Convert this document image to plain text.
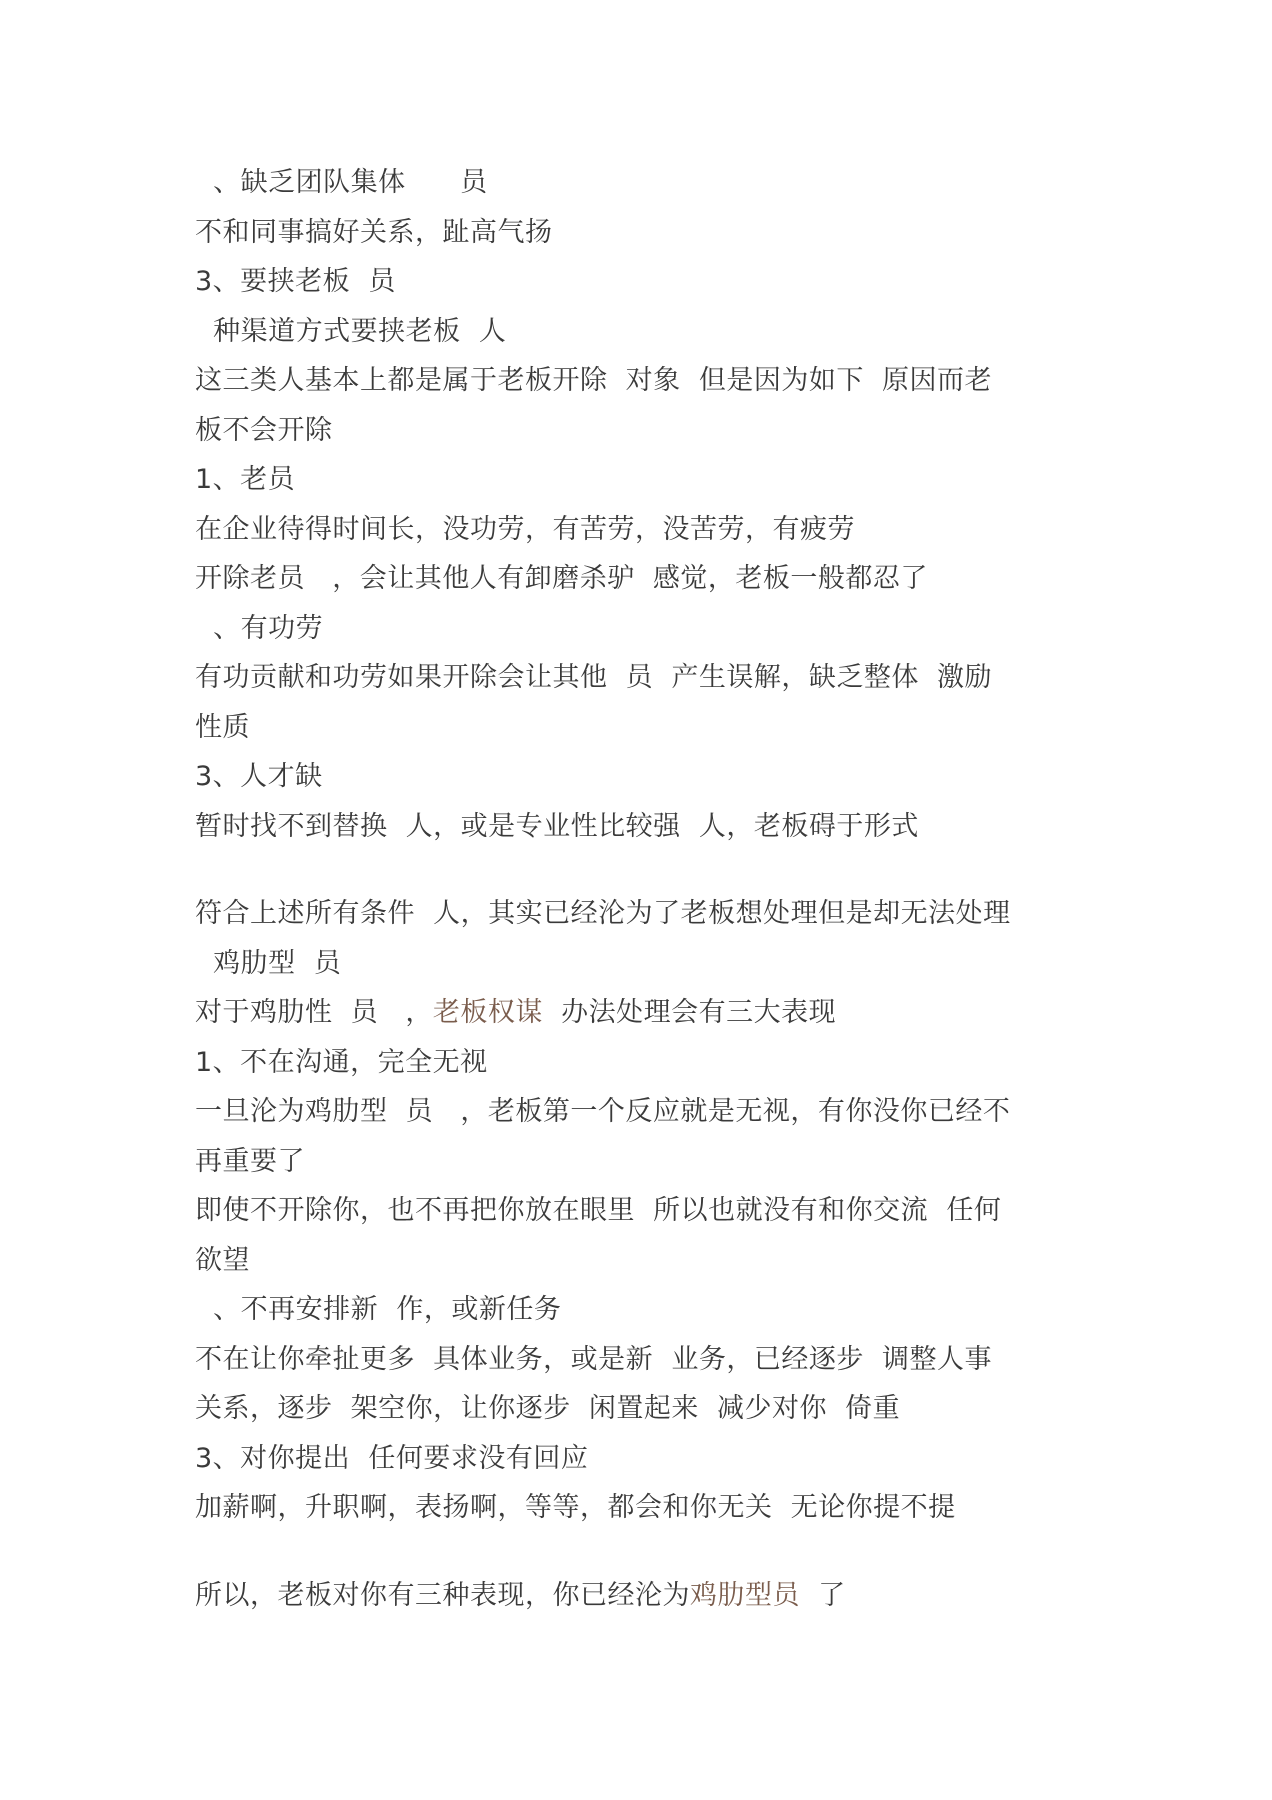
、缺乏团队集体      员
不和同事搞好关系，趾高气扬
3、要挟老板  员
种渠道方式要挟老板  人
这三类人基本上都是属于老板开除  对象  但是因为如下  原因而老
板不会开除
1、老员
在企业待得时间长，没功劳，有苦劳，没苦劳，有疲劳
开除老员   ，会让其他人有卸磨杀驴  感觉，老板一般都忍了
、有功劳
有功贡献和功劳如果开除会让其他  员  产生误解，缺乏整体  激励
性质
3、人才缺
暂时找不到替换  人，或是专业性比较强  人，老板碍于形式
符合上述所有条件  人，其实已经沦为了老板想处理但是却无法处理
鸡肋型  员
对于鸡肋性  员   ，老板权谋  办法处理会有三大表现
1、不在沟通，完全无视
一旦沦为鸡肋型  员   ，老板第一个反应就是无视，有你没你已经不
再重要了
即使不开除你，也不再把你放在眼里  所以也就没有和你交流  任何
欲望
、不再安排新  作，或新任务
不在让你牵扯更多  具体业务，或是新  业务，已经逐步  调整人事
关系，逐步  架空你，让你逐步  闲置起来  减少对你  倚重
3、对你提出  任何要求没有回应
加薪啊，升职啊，表扬啊，等等，都会和你无关  无论你提不提
所以，老板对你有三种表现，你已经沦为鸡肋型员  了
